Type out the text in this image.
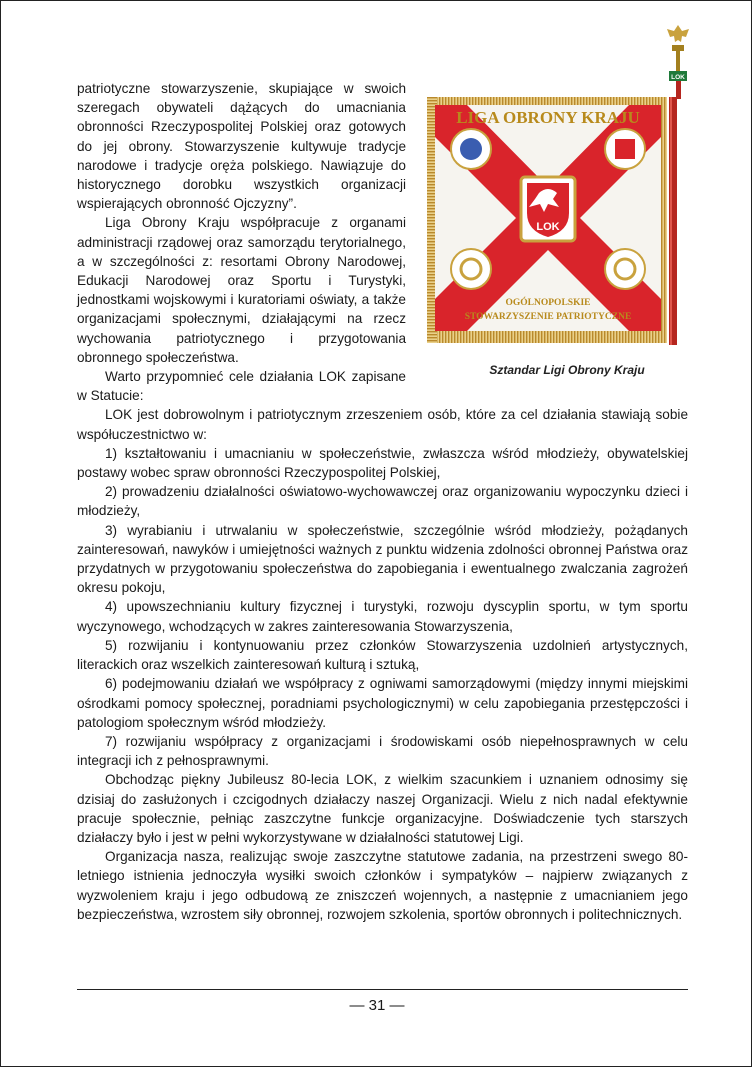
LOK
LIGA OBRONY KRAJU
OGÓLNOPOLSKIE
STOWARZYSZENIE PATRIOTYCZNE
LOK
Sztandar Ligi Obrony Kraju

patriotyczne stowarzyszenie, skupiające w swoich szeregach obywateli dążących do umacniania obronności Rzeczypospolitej Polskiej oraz gotowych do jej obrony. Stowarzyszenie kultywuje tradycje narodowe i tradycje oręża polskiego. Nawiązuje do historycznego dorobku wszystkich organizacji wspierających obronność Ojczyzny”.

Liga Obrony Kraju współpracuje z organami administracji rządowej oraz samorządu terytorialnego, a w szczególności z: resortami Obrony Narodowej, Edukacji Narodowej oraz Sportu i Turystyki, jednostkami wojskowymi i kuratoriami oświaty, a także organizacjami społecznymi, działającymi na rzecz wychowania patriotycznego i przygotowania obronnego społeczeństwa.

Warto przypomnieć cele działania LOK zapisane w Statucie:

LOK jest dobrowolnym i patriotycznym zrzeszeniem osób, które za cel działania stawiają sobie współuczestnictwo w:

1) kształtowaniu i umacnianiu w społeczeństwie, zwłaszcza wśród młodzieży, obywatelskiej postawy wobec spraw obronności Rzeczypospolitej Polskiej,

2) prowadzeniu działalności oświatowo-wychowawczej oraz organizowaniu wypoczynku dzieci i młodzieży,

3) wyrabianiu i utrwalaniu w społeczeństwie, szczególnie wśród młodzieży, pożądanych zainteresowań, nawyków i umiejętności ważnych z punktu widzenia zdolności obronnej Państwa oraz przydatnych w przygotowaniu społeczeństwa do zapobiegania i ewentualnego zwalczania zagrożeń okresu pokoju,

4) upowszechnianiu kultury fizycznej i turystyki, rozwoju dyscyplin sportu, w tym sportu wyczynowego, wchodzących w zakres zainteresowania Stowarzyszenia,

5) rozwijaniu i kontynuowaniu przez członków Stowarzyszenia uzdolnień artystycznych, literackich oraz wszelkich zainteresowań kulturą i sztuką,

6) podejmowaniu działań we współpracy z ogniwami samorządowymi (między innymi miejskimi ośrodkami pomocy społecznej, poradniami psychologicznymi) w celu zapobiegania przestępczości i patologiom społecznym wśród młodzieży.

7) rozwijaniu współpracy z organizacjami i środowiskami osób niepełnosprawnych w celu integracji ich z pełnosprawnymi.

Obchodząc piękny Jubileusz 80-lecia LOK, z wielkim szacunkiem i uznaniem odnosimy się dzisiaj do zasłużonych i czcigodnych działaczy naszej Organizacji. Wielu z nich nadal efektywnie pracuje społecznie, pełniąc zaszczytne funkcje organizacyjne. Doświadczenie tych starszych działaczy było i jest w pełni wykorzystywane w działalności statutowej Ligi.

Organizacja nasza, realizując swoje zaszczytne statutowe zadania, na przestrzeni swego 80-letniego istnienia jednoczyła wysiłki swoich członków i sympatyków – najpierw związanych z wyzwoleniem kraju i jego odbudową ze zniszczeń wojennych, a następnie z umacnianiem jego bezpieczeństwa, wzrostem siły obronnej, rozwojem szkolenia, sportów obronnych i politechnicznych.

— 31 —
